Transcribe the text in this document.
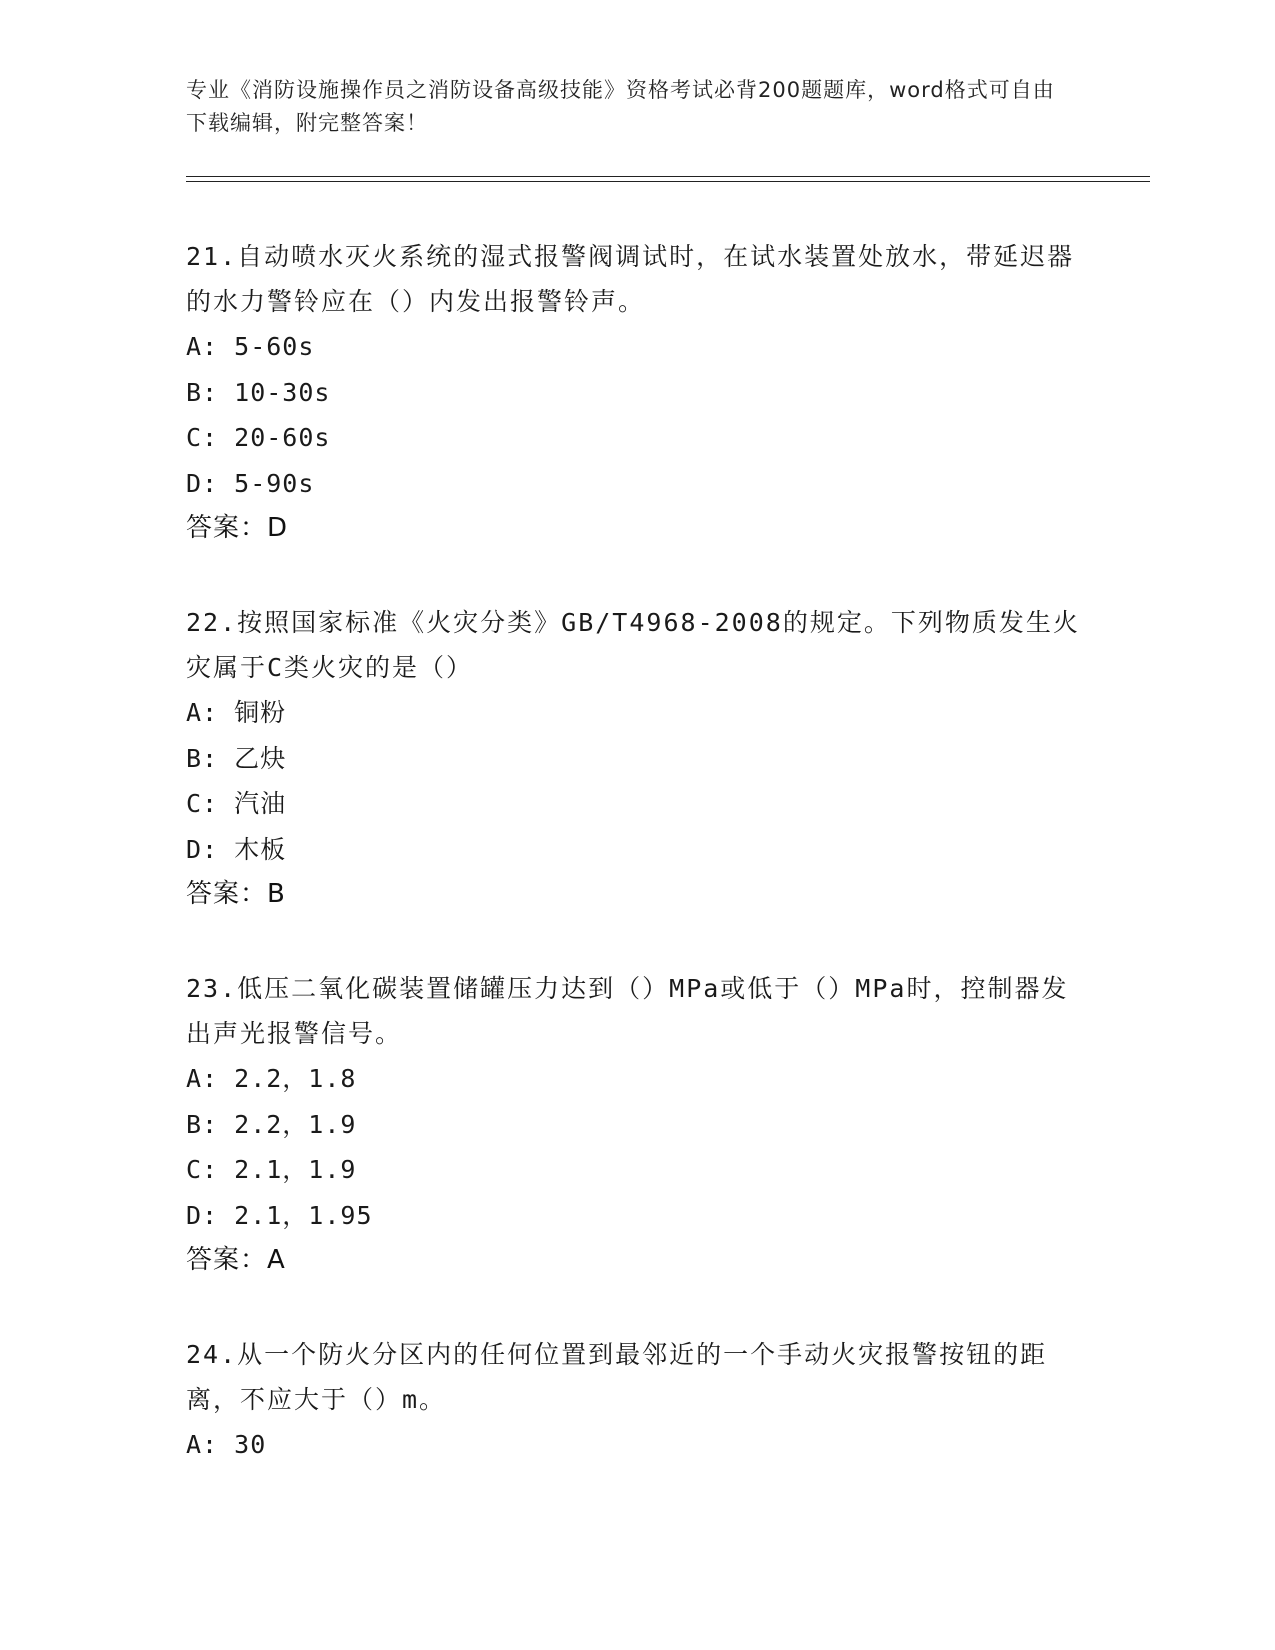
专业《消防设施操作员之消防设备高级技能》资格考试必背200题题库，word格式可自由下载编辑，附完整答案！

21.自动喷水灭火系统的湿式报警阀调试时，在试水装置处放水，带延迟器的水力警铃应在（）内发出报警铃声。

A: 5-60s

B: 10-30s

C: 20-60s

D: 5-90s

答案：D

22.按照国家标准《火灾分类》GB/T4968-2008的规定。下列物质发生火灾属于C类火灾的是（）

A: 铜粉

B: 乙炔

C: 汽油

D: 木板

答案：B

23.低压二氧化碳装置储罐压力达到（）MPa或低于（）MPa时，控制器发出声光报警信号。

A: 2.2，1.8

B: 2.2，1.9

C: 2.1，1.9

D: 2.1，1.95

答案：A

24.从一个防火分区内的任何位置到最邻近的一个手动火灾报警按钮的距离，不应大于（）m。

A: 30
